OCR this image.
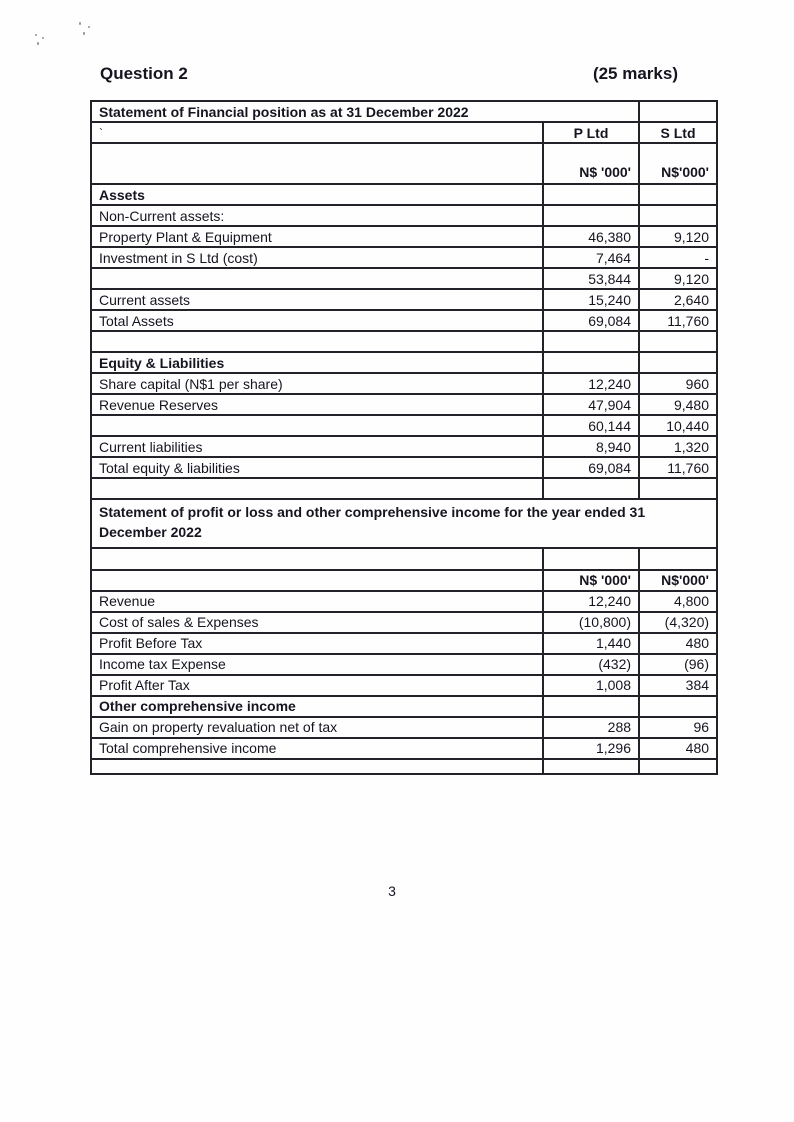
Question 2	(25 marks)
Statement of Financial position as at 31 December 2022		
`	P Ltd	S Ltd
	N$ '000'	N$'000'
Assets		
Non-Current assets:		
Property Plant & Equipment	46,380	9,120
Investment in S Ltd (cost)	7,464	-
	53,844	9,120
Current assets	15,240	2,640
Total Assets	69,084	11,760

Equity & Liabilities		
Share capital (N$1 per share)	12,240	960
Revenue Reserves	47,904	9,480
	60,144	10,440
Current liabilities	8,940	1,320
Total equity & liabilities	69,084	11,760

Statement of profit or loss and other comprehensive income for the year ended 31 December 2022		

	N$ '000'	N$'000'
Revenue	12,240	4,800
Cost of sales & Expenses	(10,800)	(4,320)
Profit Before Tax	1,440	480
Income tax Expense	(432)	(96)
Profit After Tax	1,008	384
Other comprehensive income		
Gain on property revaluation net of tax	288	96
Total comprehensive income	1,296	480

3
